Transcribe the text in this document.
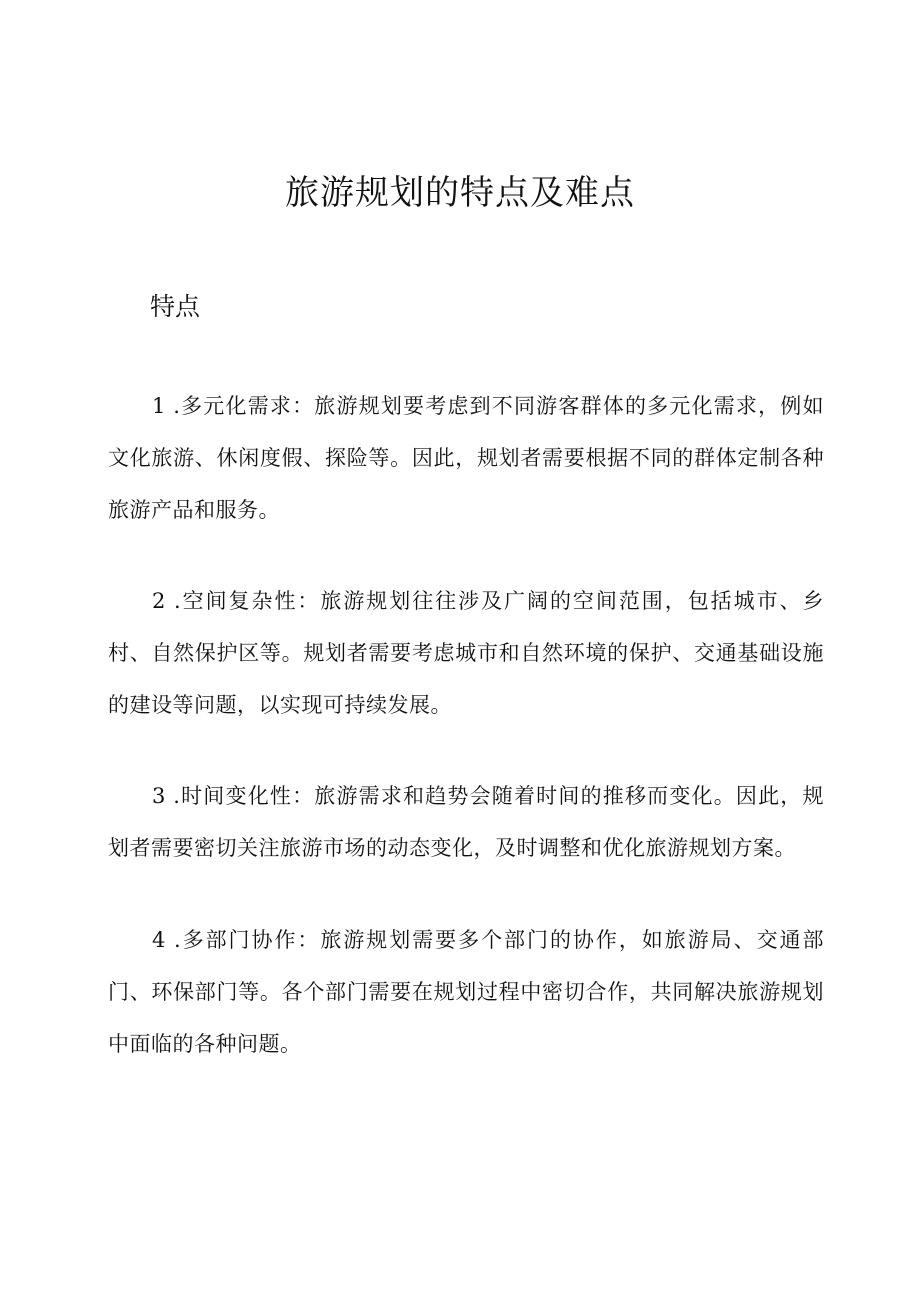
旅游规划的特点及难点
特点

1 .多元化需求：旅游规划要考虑到不同游客群体的多元化需求，例如文化旅游、休闲度假、探险等。因此，规划者需要根据不同的群体定制各种旅游产品和服务。

2 .空间复杂性：旅游规划往往涉及广阔的空间范围，包括城市、乡村、自然保护区等。规划者需要考虑城市和自然环境的保护、交通基础设施的建设等问题，以实现可持续发展。

3 .时间变化性：旅游需求和趋势会随着时间的推移而变化。因此，规划者需要密切关注旅游市场的动态变化，及时调整和优化旅游规划方案。

4 .多部门协作：旅游规划需要多个部门的协作，如旅游局、交通部门、环保部门等。各个部门需要在规划过程中密切合作，共同解决旅游规划中面临的各种问题。
